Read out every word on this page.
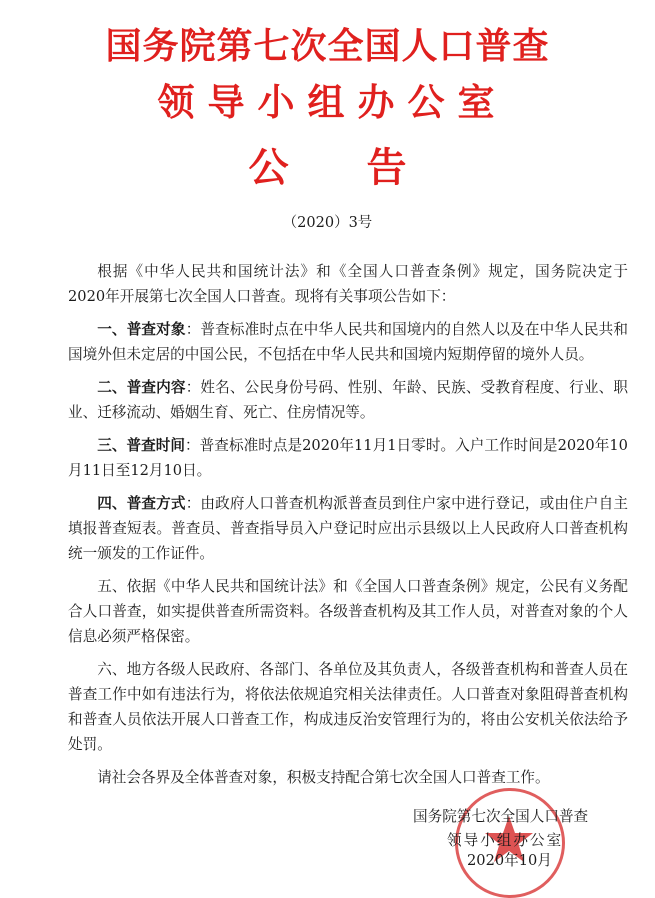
国务院第七次全国人口普查
领导小组办公室
公告
（2020）3号

根据《中华人民共和国统计法》和《全国人口普查条例》规定，国务院决定于2020年开展第七次全国人口普查。现将有关事项公告如下：

一、普查对象：普查标准时点在中华人民共和国境内的自然人以及在中华人民共和国境外但未定居的中国公民，不包括在中华人民共和国境内短期停留的境外人员。

二、普查内容：姓名、公民身份号码、性别、年龄、民族、受教育程度、行业、职业、迁移流动、婚姻生育、死亡、住房情况等。

三、普查时间：普查标准时点是2020年11月1日零时。入户工作时间是2020年10月11日至12月10日。

四、普查方式：由政府人口普查机构派普查员到住户家中进行登记，或由住户自主填报普查短表。普查员、普查指导员入户登记时应出示县级以上人民政府人口普查机构统一颁发的工作证件。

五、依据《中华人民共和国统计法》和《全国人口普查条例》规定，公民有义务配合人口普查，如实提供普查所需资料。各级普查机构及其工作人员，对普查对象的个人信息必须严格保密。

六、地方各级人民政府、各部门、各单位及其负责人，各级普查机构和普查人员在普查工作中如有违法行为，将依法依规追究相关法律责任。人口普查对象阻碍普查机构和普查人员依法开展人口普查工作，构成违反治安管理行为的，将由公安机关依法给予处罚。

请社会各界及全体普查对象，积极支持配合第七次全国人口普查工作。

国务院第七次全国人口普查
领导小组办公室
2020年10月
